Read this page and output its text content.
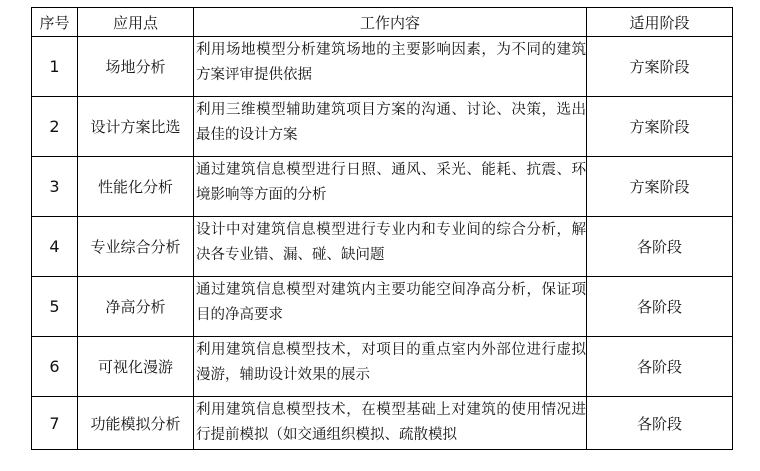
序号	应用点	工作内容	适用阶段
1	场地分析	利用场地模型分析建筑场地的主要影响因素，为不同的建筑方案评审提供依据	方案阶段
2	设计方案比选	利用三维模型辅助建筑项目方案的沟通、讨论、决策，选出最佳的设计方案	方案阶段
3	性能化分析	通过建筑信息模型进行日照、通风、采光、能耗、抗震、环境影响等方面的分析	方案阶段
4	专业综合分析	设计中对建筑信息模型进行专业内和专业间的综合分析，解决各专业错、漏、碰、缺问题	各阶段
5	净高分析	通过建筑信息模型对建筑内主要功能空间净高分析，保证项目的净高要求	各阶段
6	可视化漫游	利用建筑信息模型技术，对项目的重点室内外部位进行虚拟漫游，辅助设计效果的展示	各阶段
7	功能模拟分析	利用建筑信息模型技术，在模型基础上对建筑的使用情况进行提前模拟（如交通组织模拟、疏散模拟	各阶段
